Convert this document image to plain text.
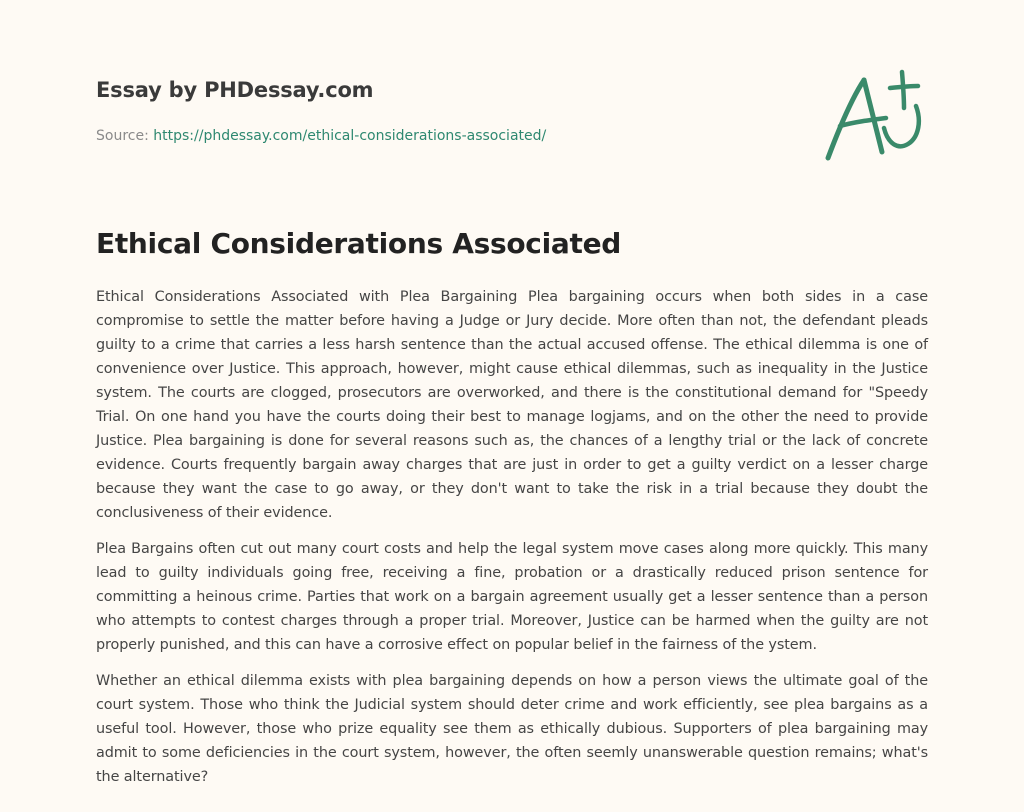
Essay by PHDessay.com

Source: https://phdessay.com/ethical-considerations-associated/

Ethical Considerations Associated

Ethical Considerations Associated with Plea Bargaining Plea bargaining occurs when both sides in a case compromise to settle the matter before having a Judge or Jury decide. More often than not, the defendant pleads guilty to a crime that carries a less harsh sentence than the actual accused offense. The ethical dilemma is one of convenience over Justice. This approach, however, might cause ethical dilemmas, such as inequality in the Justice system. The courts are clogged, prosecutors are overworked, and there is the constitutional demand for "Speedy Trial. On one hand you have the courts doing their best to manage logjams, and on the other the need to provide Justice. Plea bargaining is done for several reasons such as, the chances of a lengthy trial or the lack of concrete evidence. Courts frequently bargain away charges that are just in order to get a guilty verdict on a lesser charge because they want the case to go away, or they don't want to take the risk in a trial because they doubt the conclusiveness of their evidence.

Plea Bargains often cut out many court costs and help the legal system move cases along more quickly. This many lead to guilty individuals going free, receiving a fine, probation or a drastically reduced prison sentence for committing a heinous crime. Parties that work on a bargain agreement usually get a lesser sentence than a person who attempts to contest charges through a proper trial. Moreover, Justice can be harmed when the guilty are not properly punished, and this can have a corrosive effect on popular belief in the fairness of the ystem.

Whether an ethical dilemma exists with plea bargaining depends on how a person views the ultimate goal of the court system. Those who think the Judicial system should deter crime and work efficiently, see plea bargains as a useful tool. However, those who prize equality see them as ethically dubious. Supporters of plea bargaining may admit to some deficiencies in the court system, however, the often seemly unanswerable question remains; what's the alternative?
